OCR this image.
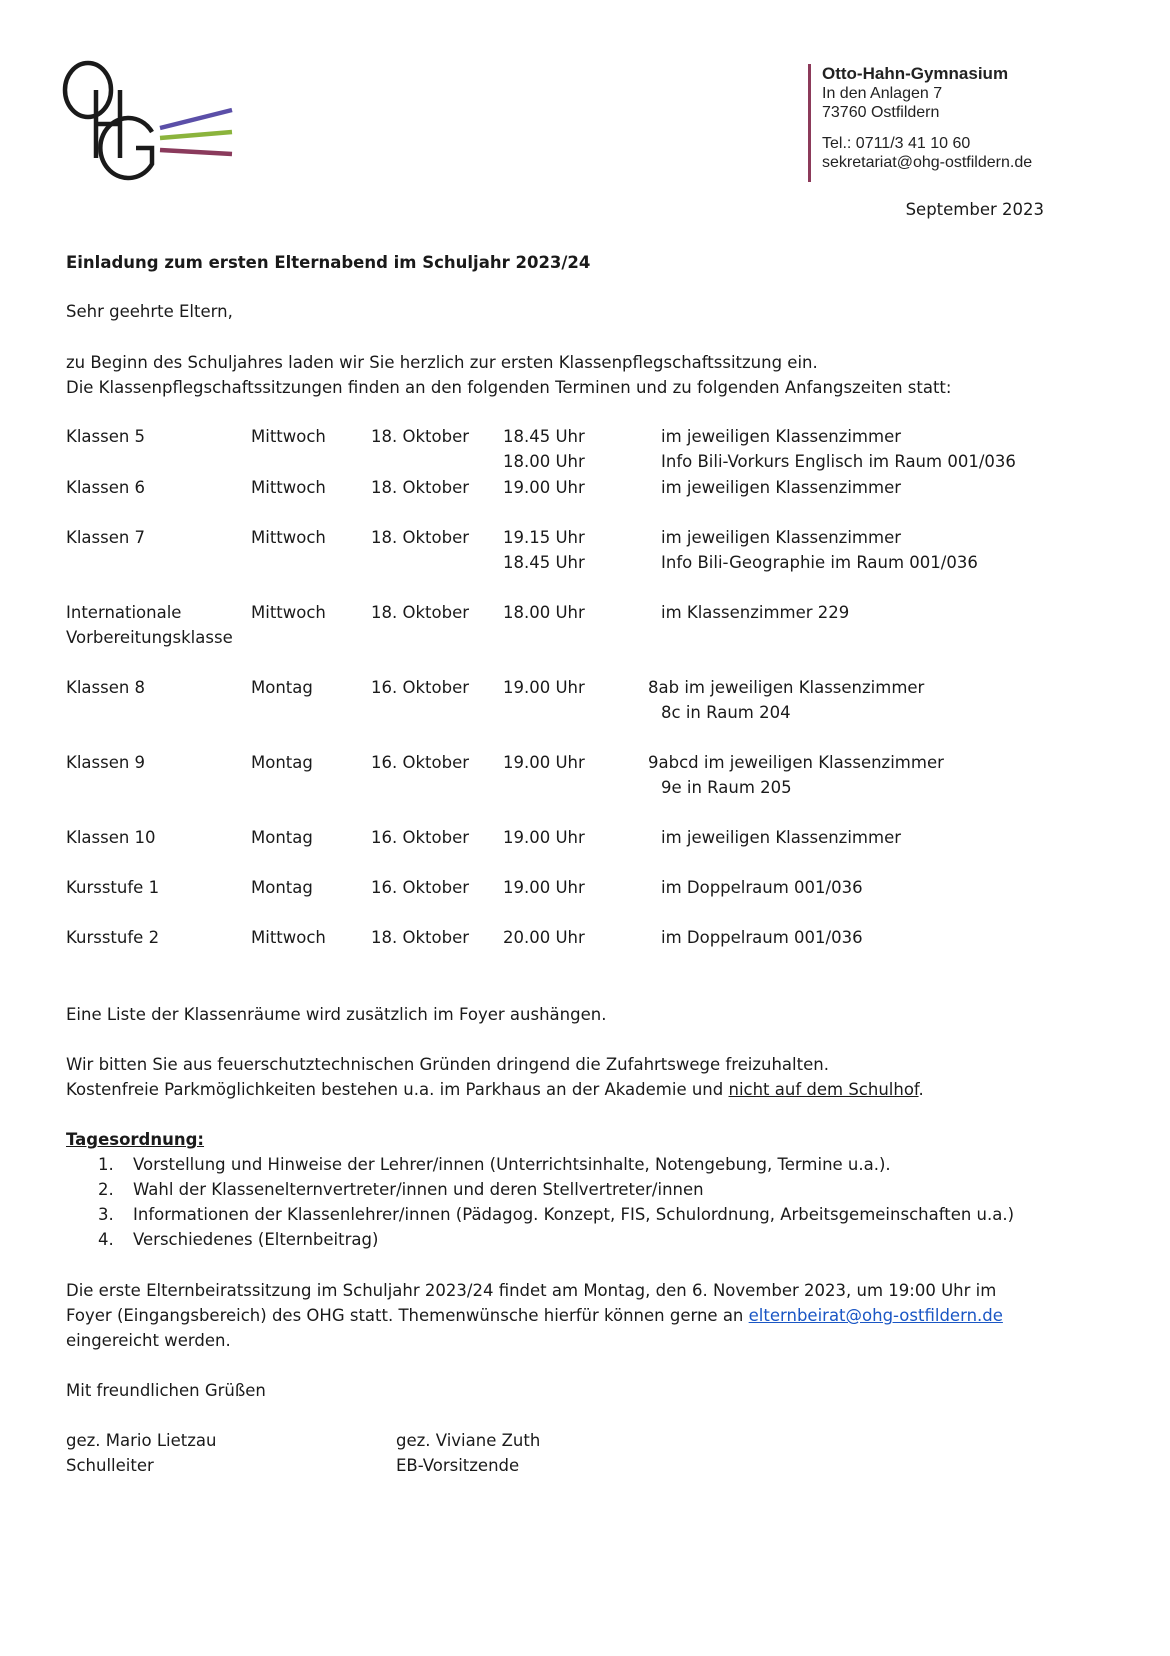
Otto-Hahn-Gymnasium
In den Anlagen 7
73760 Ostfildern
Tel.: 0711/3 41 10 60
sekretariat@ohg-ostfildern.de
September 2023
Einladung zum ersten Elternabend im Schuljahr 2023/24
Sehr geehrte Eltern,
zu Beginn des Schuljahres laden wir Sie herzlich zur ersten Klassenpflegschaftssitzung ein.
Die Klassenpflegschaftssitzungen finden an den folgenden Terminen und zu folgenden Anfangszeiten statt:
Klassen 5	Mittwoch	18. Oktober 18.45 Uhr	im jeweiligen Klassenzimmer
18.00 Uhr	Info Bili-Vorkurs Englisch im Raum 001/036
Klassen 6	Mittwoch	18. Oktober 19.00 Uhr	im jeweiligen Klassenzimmer
Klassen 7	Mittwoch	18. Oktober 19.15 Uhr	im jeweiligen Klassenzimmer
18.45 Uhr	Info Bili-Geographie im Raum 001/036
Internationale	Mittwoch	18. Oktober 18.00 Uhr	im Klassenzimmer 229
Vorbereitungsklasse
Klassen 8	Montag	16. Oktober 19.00 Uhr	8ab im jeweiligen Klassenzimmer
8c in Raum 204
Klassen 9	Montag	16. Oktober 19.00 Uhr	9abcd im jeweiligen Klassenzimmer
9e in Raum 205
Klassen 10	Montag	16. Oktober 19.00 Uhr	im jeweiligen Klassenzimmer
Kursstufe 1	Montag	16. Oktober 19.00 Uhr	im Doppelraum 001/036
Kursstufe 2	Mittwoch	18. Oktober 20.00 Uhr	im Doppelraum 001/036
Eine Liste der Klassenräume wird zusätzlich im Foyer aushängen.
Wir bitten Sie aus feuerschutztechnischen Gründen dringend die Zufahrtswege freizuhalten.
Kostenfreie Parkmöglichkeiten bestehen u.a. im Parkhaus an der Akademie und nicht auf dem Schulhof.
Tagesordnung:
1. Vorstellung und Hinweise der Lehrer/innen (Unterrichtsinhalte, Notengebung, Termine u.a.).
2. Wahl der Klassenelternvertreter/innen und deren Stellvertreter/innen
3. Informationen der Klassenlehrer/innen (Pädagog. Konzept, FIS, Schulordnung, Arbeitsgemeinschaften u.a.)
4. Verschiedenes (Elternbeitrag)
Die erste Elternbeiratssitzung im Schuljahr 2023/24 findet am Montag, den 6. November 2023, um 19:00 Uhr im
Foyer (Eingangsbereich) des OHG statt. Themenwünsche hierfür können gerne an elternbeirat@ohg-ostfildern.de
eingereicht werden.
Mit freundlichen Grüßen
gez. Mario Lietzau
Schulleiter
gez. Viviane Zuth
EB-Vorsitzende
